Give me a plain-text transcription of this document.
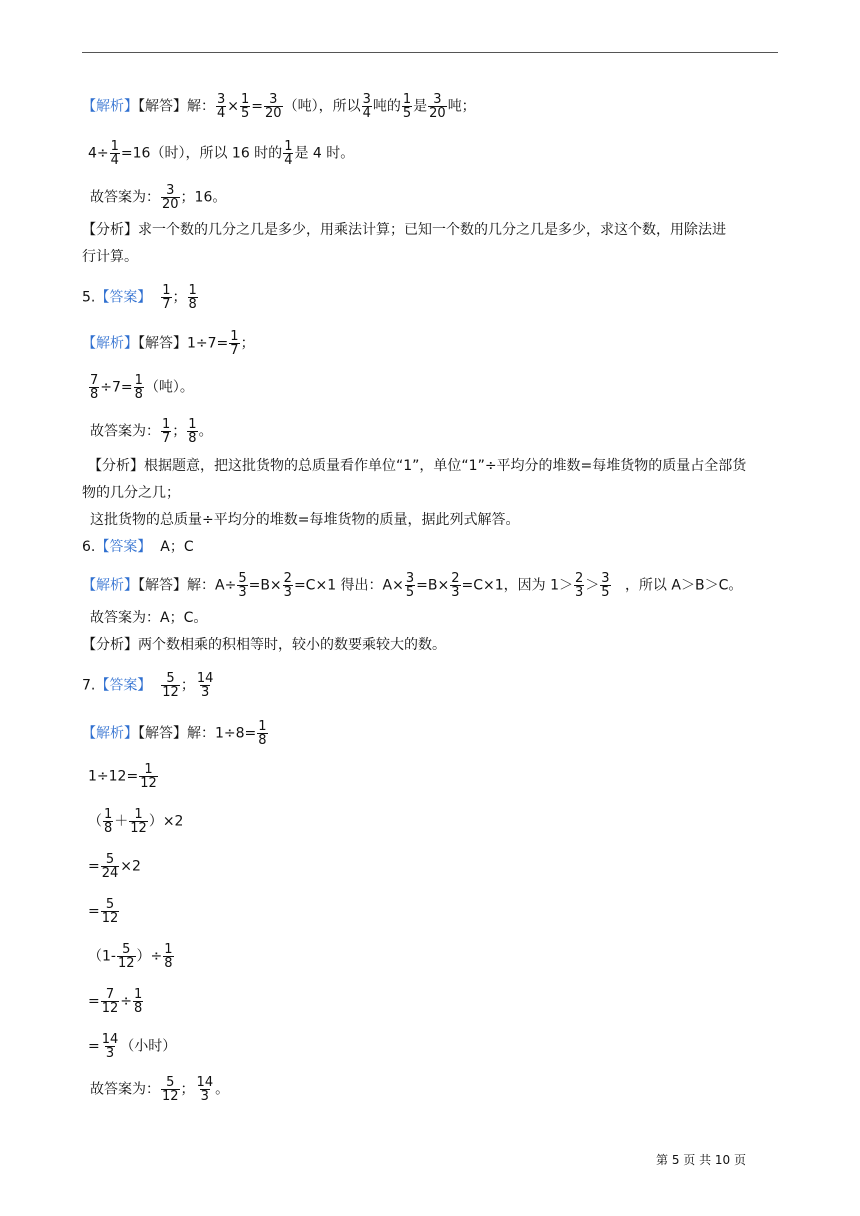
【解析】【解答】解： $\frac{3}{4} \times \frac{1}{5} = \frac{3}{20}$ （吨），所以 $\frac{3}{4}$ 吨的 $\frac{1}{5}$ 是 $\frac{3}{20}$ 吨；
$4\div \frac{1}{4} =16$（时），所以 16 时的 $\frac{1}{4}$ 是 4 时。
故答案为： $\frac{3}{20}$ ；16。
【分析】求一个数的几分之几是多少，用乘法计算；已知一个数的几分之几是多少，求这个数，用除法进
行计算。
5.【答案】 $\frac{1}{7}$ ； $\frac{1}{8}$
【解析】【解答】$1\div 7= \frac{1}{7}$ ；
$\frac{7}{8} \div 7= \frac{1}{8}$ （吨）。
故答案为： $\frac{1}{7}$ ； $\frac{1}{8}$ 。
【分析】根据题意，把这批货物的总质量看作单位“1”，单位“1”÷平均分的堆数=每堆货物的质量占全部货
物的几分之几；
这批货物的总质量÷平均分的堆数=每堆货物的质量，据此列式解答。
6.【答案】 A；C
【解析】【解答】解：$A\div \frac{5}{3} =B\times \frac{2}{3} =C\times 1$ 得出：$A\times \frac{3}{5} =B\times \frac{2}{3} =C\times 1$，因为 $1> \frac{2}{3} > \frac{3}{5}$ ，所以 A＞B＞C。
故答案为：A；C。
【分析】两个数相乘的积相等时，较小的数要乘较大的数。
7.【答案】 $\frac{5}{12}$ ； $\frac{14}{3}$
【解析】【解答】解：$1\div 8= \frac{1}{8}$
$1\div 12= \frac{1}{12}$
（ $\frac{1}{8} + \frac{1}{12} )\times 2$
= $\frac{5}{24} \times 2$
= $\frac{5}{12}$
（$1- \frac{5}{12}$ ）÷ $\frac{1}{8}$
= $\frac{7}{12} \div \frac{1}{8}$
= $\frac{14}{3}$ （小时）
故答案为： $\frac{5}{12}$ ； $\frac{14}{3}$ 。
第 5 页 共 10 页
